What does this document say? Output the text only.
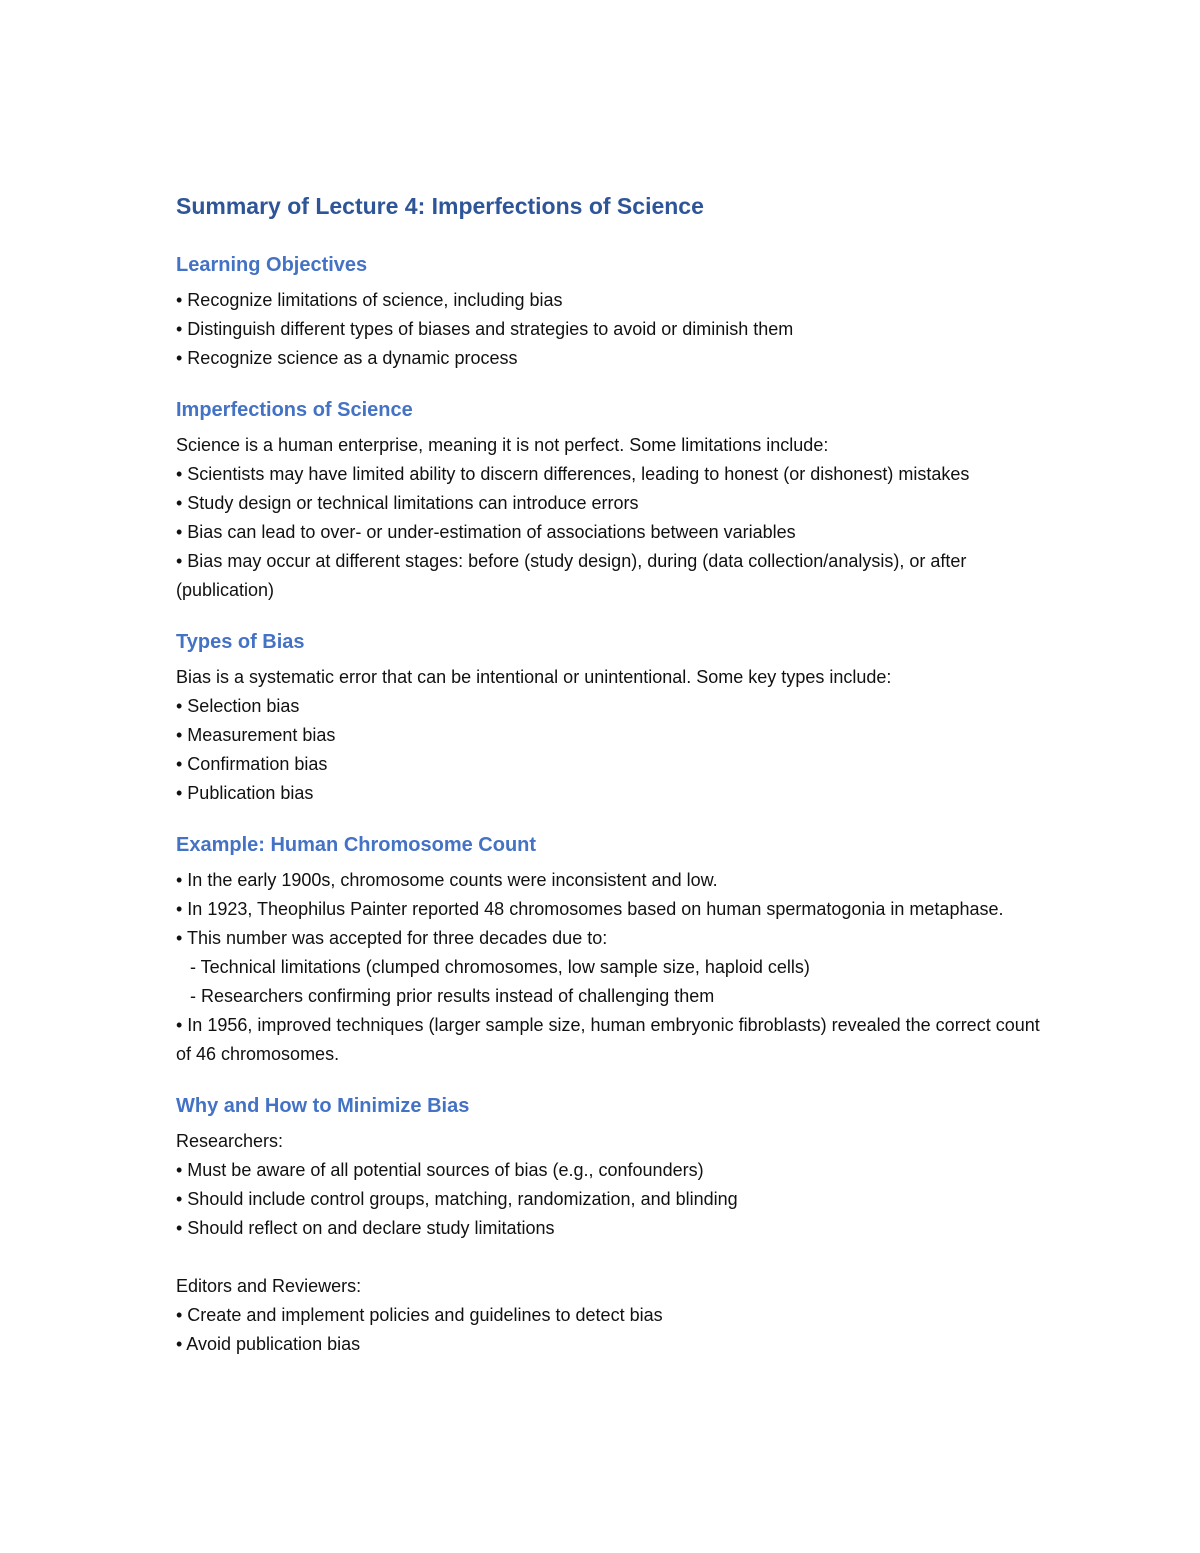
Summary of Lecture 4: Imperfections of Science
Learning Objectives
• Recognize limitations of science, including bias
• Distinguish different types of biases and strategies to avoid or diminish them
• Recognize science as a dynamic process
Imperfections of Science
Science is a human enterprise, meaning it is not perfect. Some limitations include:
• Scientists may have limited ability to discern differences, leading to honest (or dishonest) mistakes
• Study design or technical limitations can introduce errors
• Bias can lead to over- or under-estimation of associations between variables
• Bias may occur at different stages: before (study design), during (data collection/analysis), or after (publication)
Types of Bias
Bias is a systematic error that can be intentional or unintentional. Some key types include:
• Selection bias
• Measurement bias
• Confirmation bias
• Publication bias
Example: Human Chromosome Count
• In the early 1900s, chromosome counts were inconsistent and low.
• In 1923, Theophilus Painter reported 48 chromosomes based on human spermatogonia in metaphase.
• This number was accepted for three decades due to:
- Technical limitations (clumped chromosomes, low sample size, haploid cells)
- Researchers confirming prior results instead of challenging them
• In 1956, improved techniques (larger sample size, human embryonic fibroblasts) revealed the correct count of 46 chromosomes.
Why and How to Minimize Bias
Researchers:
• Must be aware of all potential sources of bias (e.g., confounders)
• Should include control groups, matching, randomization, and blinding
• Should reflect on and declare study limitations
Editors and Reviewers:
• Create and implement policies and guidelines to detect bias
• Avoid publication bias
